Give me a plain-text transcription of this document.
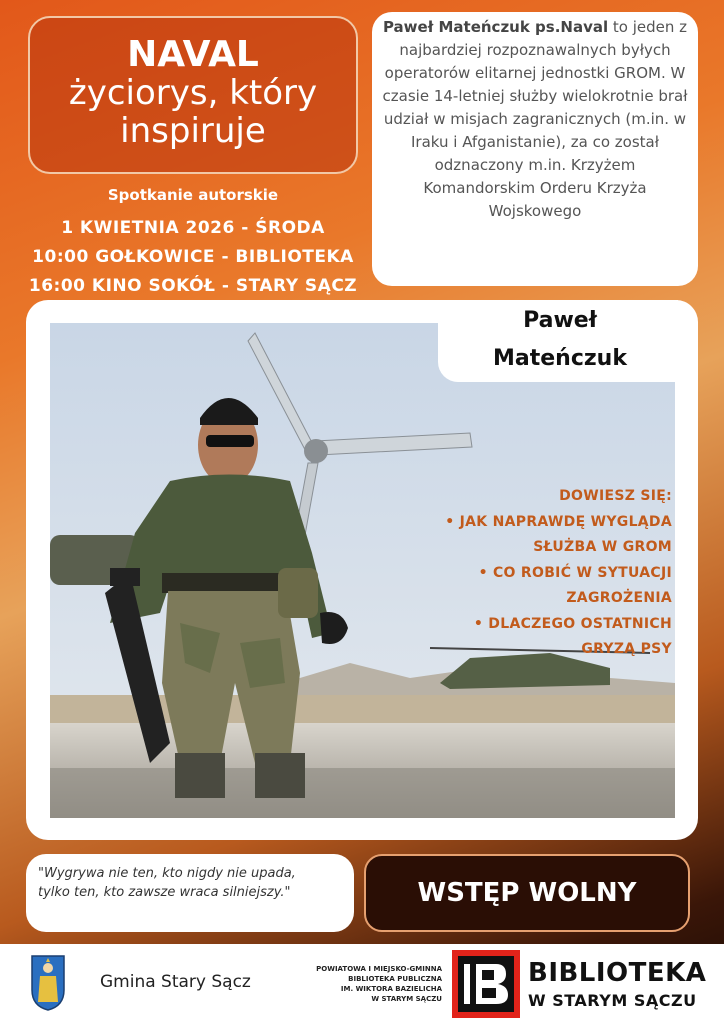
NAVAL
życiorys, który
inspiruje
Spotkanie autorskie
1 KWIETNIA 2026 - ŚRODA
10:00 GOŁKOWICE - BIBLIOTEKA
16:00 KINO SOKÓŁ - STARY SĄCZ
Paweł Mateńczuk ps.Naval to jeden z najbardziej rozpoznawalnych byłych operatorów elitarnej jednostki GROM. W czasie 14-letniej służby wielokrotnie brał udział w misjach zagranicznych (m.in. w Iraku i Afganistanie), za co został odznaczony m.in. Krzyżem Komandorskim Orderu Krzyża Wojskowego
Paweł
Mateńczuk
DOWIESZ SIĘ:
• JAK NAPRAWDĘ WYGLĄDA
SŁUŻBA W GROM
• CO ROBIĆ W SYTUACJI
ZAGROŻENIA
• DLACZEGO OSTATNICH
GRYZĄ PSY
"Wygrywa nie ten, kto nigdy nie upada,
tylko ten, kto zawsze wraca silniejszy."	WSTĘP WOLNY
Gmina Stary Sącz
POWIATOWA I MIEJSKO-GMINNA
BIBLIOTEKA PUBLICZNA
IM. WIKTORA BAZIELICHA
W STARYM SĄCZU
BIBLIOTEKA
W STARYM SĄCZU
